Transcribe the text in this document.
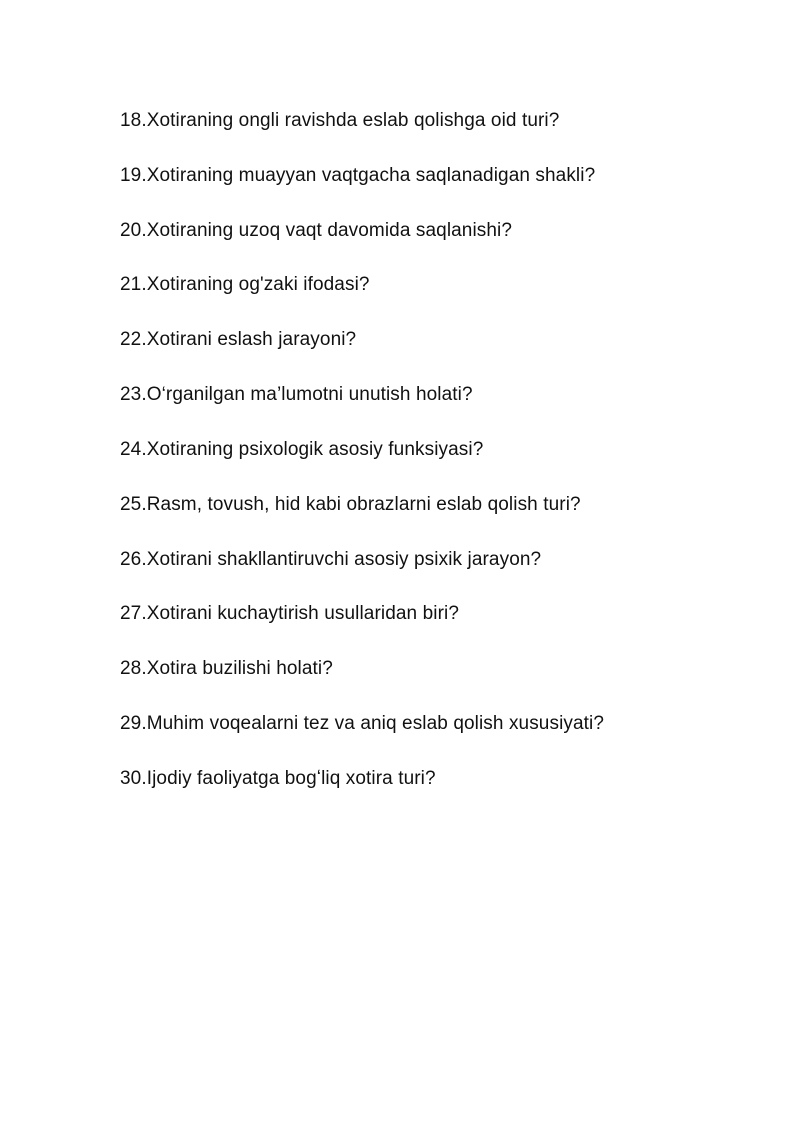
18.Xotiraning ongli ravishda eslab qolishga oid turi?
19.Xotiraning muayyan vaqtgacha saqlanadigan shakli?
20.Xotiraning uzoq vaqt davomida saqlanishi?
21.Xotiraning og'zaki ifodasi?
22.Xotirani eslash jarayoni?
23.O‘rganilgan ma’lumotni unutish holati?
24.Xotiraning psixologik asosiy funksiyasi?
25.Rasm, tovush, hid kabi obrazlarni eslab qolish turi?
26.Xotirani shakllantiruvchi asosiy psixik jarayon?
27.Xotirani kuchaytirish usullaridan biri?
28.Xotira buzilishi holati?
29.Muhim voqealarni tez va aniq eslab qolish xususiyati?
30.Ijodiy faoliyatga bogʻliq xotira turi?
